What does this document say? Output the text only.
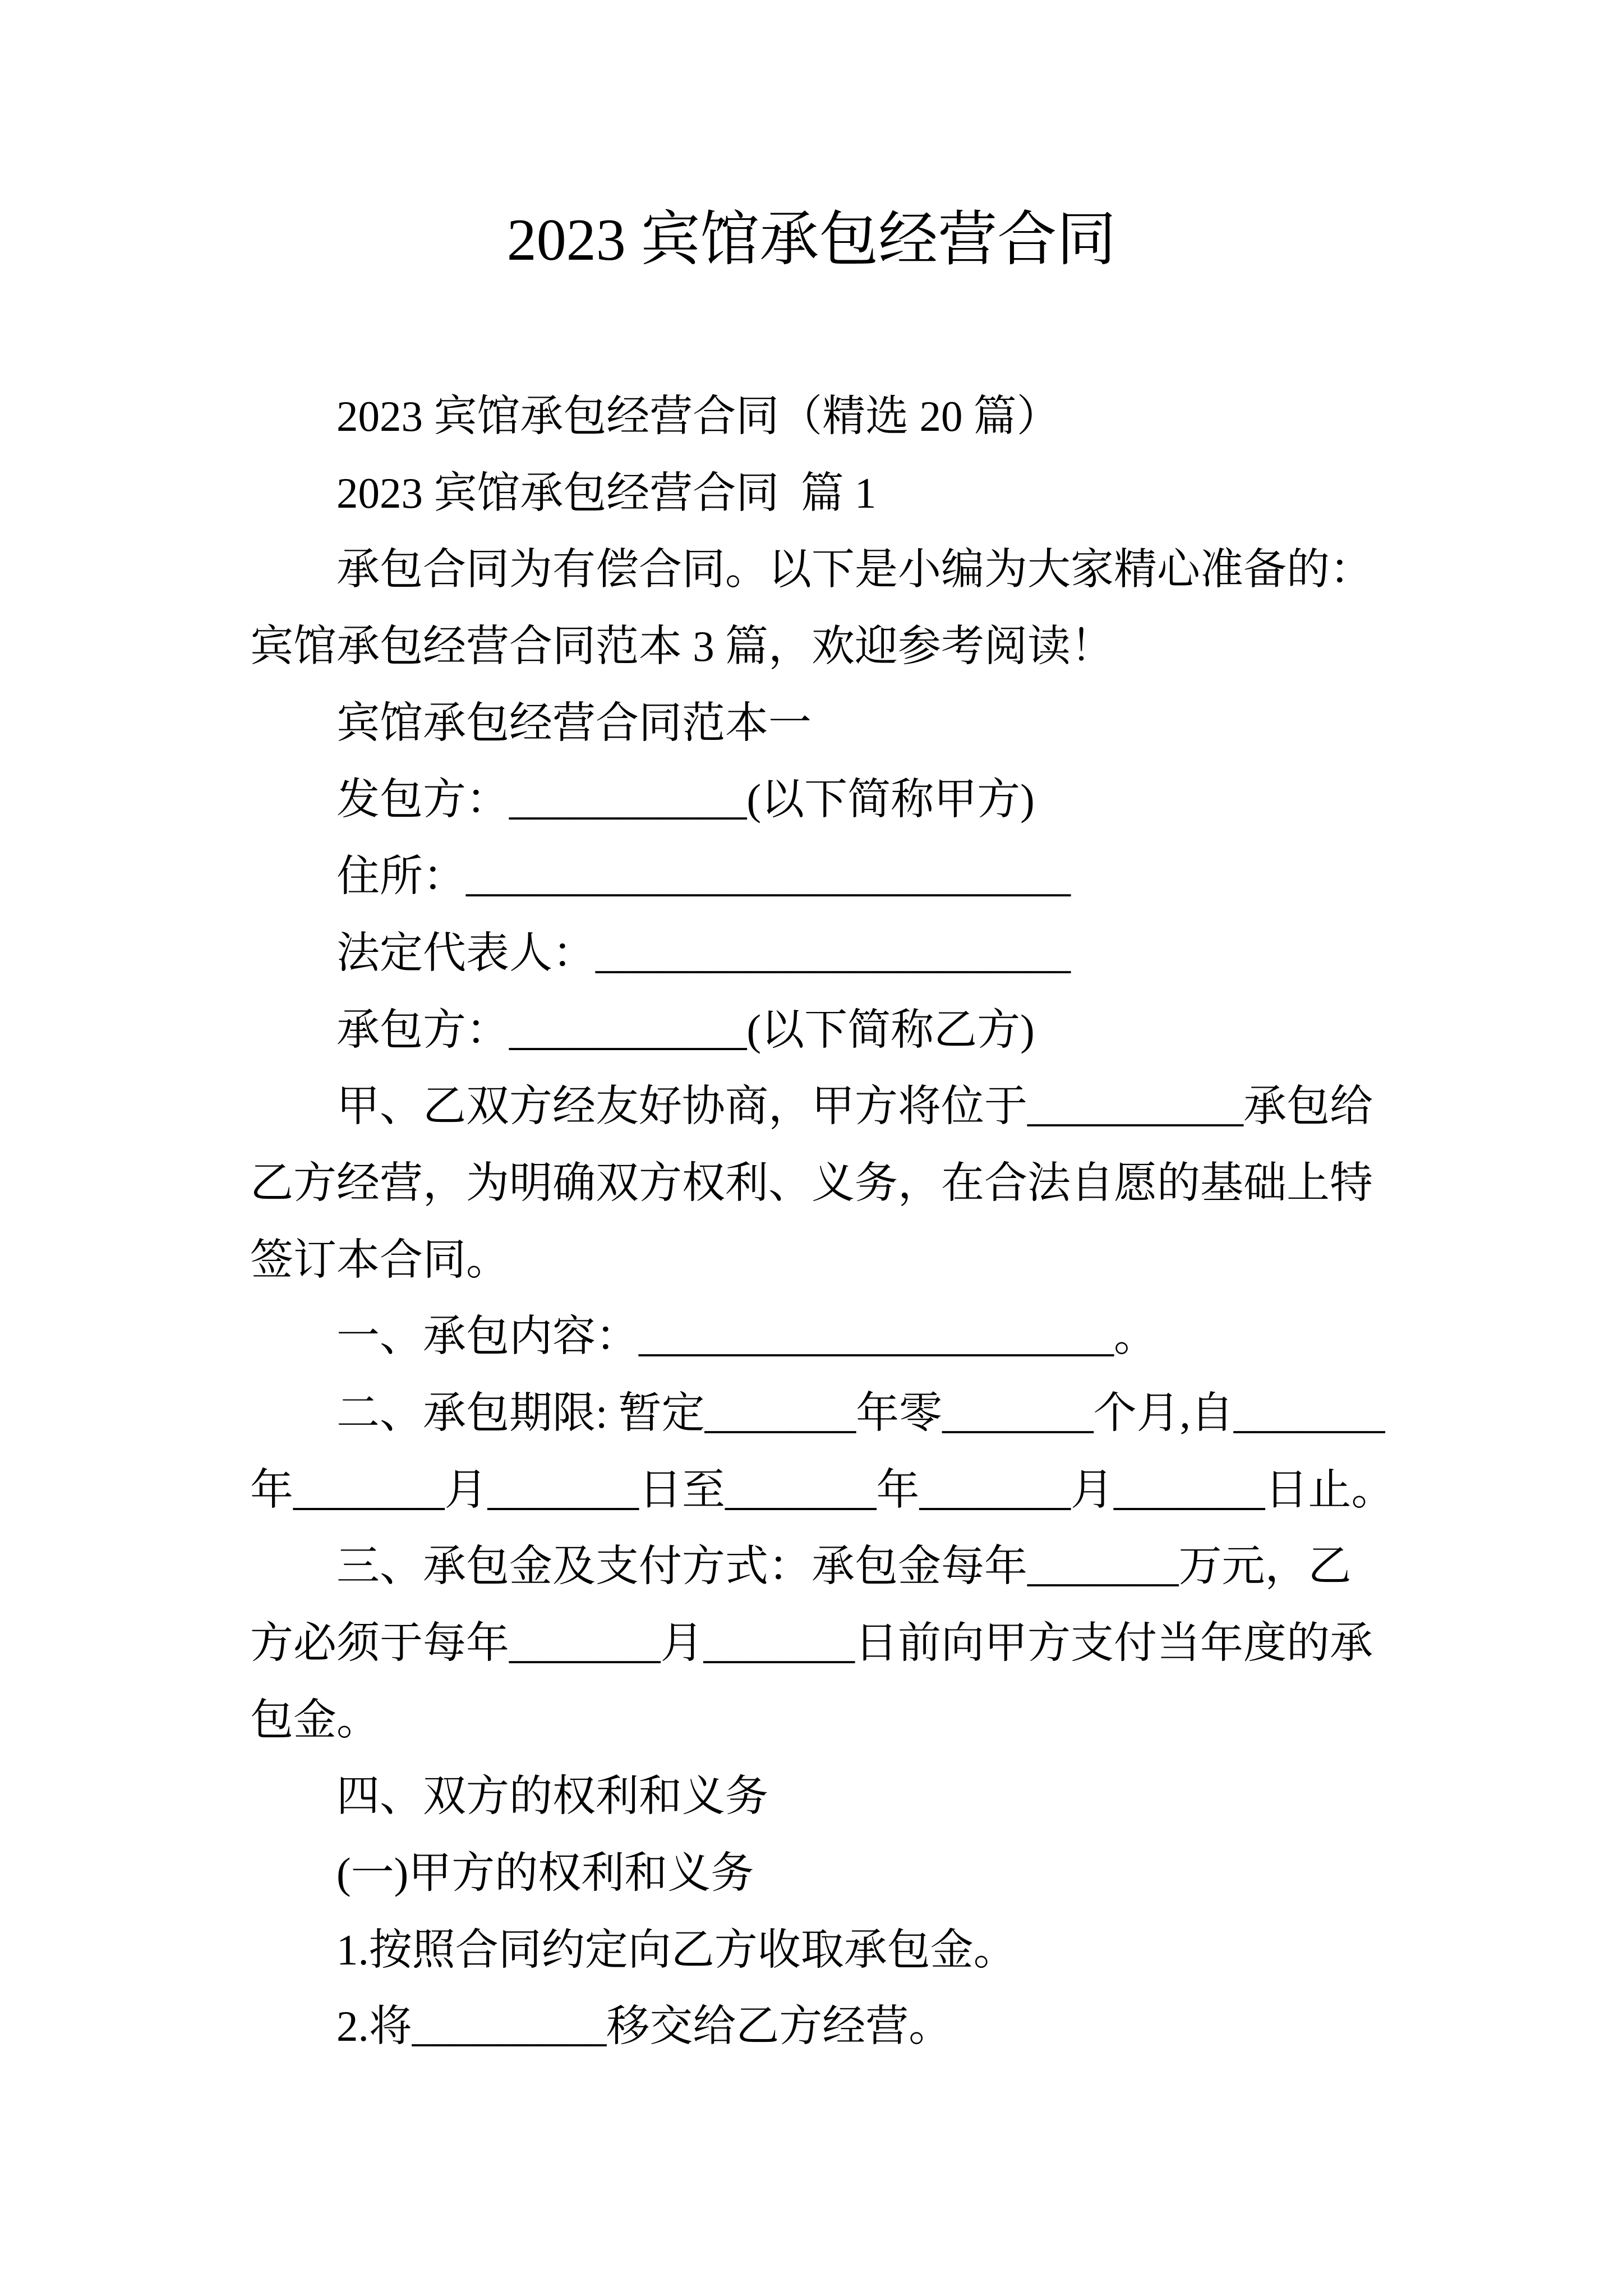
2023 宾馆承包经营合同
2023 宾馆承包经营合同（精选 20 篇）
2023 宾馆承包经营合同  篇 1
承包合同为有偿合同。以下是小编为大家精心准备的：
宾馆承包经营合同范本 3 篇，欢迎参考阅读！
宾馆承包经营合同范本一
发包方：___________(以下简称甲方)
住所：____________________________
法定代表人：______________________
承包方：___________(以下简称乙方)
甲、乙双方经友好协商，甲方将位于__________承包给
乙方经营，为明确双方权利、义务，在合法自愿的基础上特
签订本合同。
一、承包内容：______________________。
二、承包期限: 暂定_______年零_______个月,自_______
年_______月_______日至_______年_______月_______日止。
三、承包金及支付方式：承包金每年_______万元，乙
方必须于每年_______月_______日前向甲方支付当年度的承
包金。
四、双方的权利和义务
(一)甲方的权利和义务
1.按照合同约定向乙方收取承包金。
2.将_________移交给乙方经营。
